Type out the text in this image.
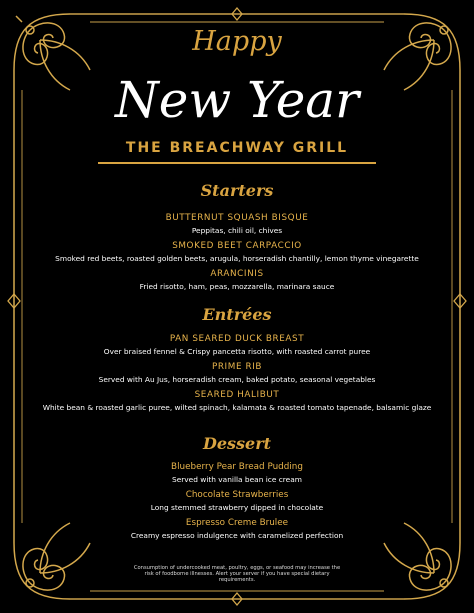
Happy
New Year
THE BREACHWAY GRILL
Starters
BUTTERNUT SQUASH BISQUE
Peppitas, chili oil, chives
SMOKED BEET CARPACCIO
Smoked red beets, roasted golden beets, arugula, horseradish chantilly, lemon thyme vinegarette
ARANCINIS
Fried risotto, ham, peas, mozzarella, marinara sauce
Entrées
PAN SEARED DUCK BREAST
Over braised fennel & Crispy pancetta risotto, with roasted carrot puree
PRIME RIB
Served with Au Jus, horseradish cream, baked potato, seasonal vegetables
SEARED HALIBUT
White bean & roasted garlic puree, wilted spinach, kalamata & roasted tomato tapenade, balsamic glaze
Dessert
Blueberry Pear Bread Pudding
Served with vanilla bean ice cream
Chocolate Strawberries
Long stemmed strawberry dipped in chocolate
Espresso Creme Brulee
Creamy espresso indulgence with caramelized perfection
Consumption of undercooked meat, poultry, eggs, or seafood may increase the risk of foodborne illnesses. Alert your server if you have special dietary requirements.
